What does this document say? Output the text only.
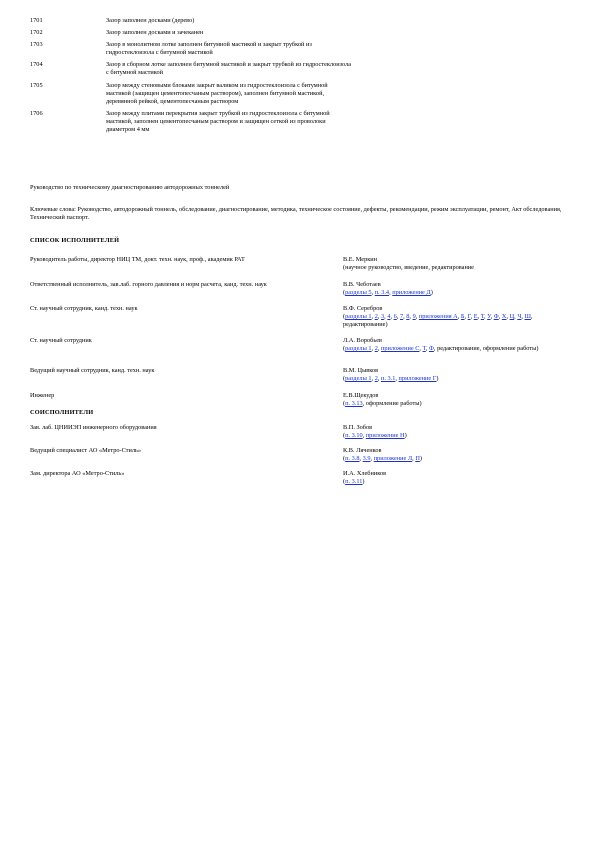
1701	Зазор заполнен досками (дерево)
1702	Зазор заполнен досками и зачеканен
1703	Зазор в монолитном лотке заполнен битумной мастикой и закрыт трубкой из гидростеклоизола с битумной мастикой
1704	Зазор в сборном лотке заполнен битумной мастикой и закрыт трубкой из гидростеклоизола с битумной мастикой
1705	Зазор между стеновыми блоками закрыт валиком из гидростеклоизола с битумной мастикой (защищен цементопесчаным раствором), заполнен битумной мастикой, деревянной рейкой, цементопесчаным раствором
1706	Зазор между плитами перекрытия закрыт трубкой из гидростеклоизола с битумной мастикой, заполнен цементопесчаным раствором и защищен сеткой из проволоки диаметром 4 мм
Руководство по техническому диагностированию автодорожных тоннелей
Ключевые слова: Руководство, автодорожный тоннель, обследование, диагностирование, методика, техническое состояние, дефекты, рекомендации, режим эксплуатации, ремонт, Акт обследования, Технический паспорт.
СПИСОК ИСПОЛНИТЕЛЕЙ
Руководитель работы, директор НИЦ ТМ, докт. техн. наук, проф., академик РАТ	В.Е. Меркин
(научное руководство, введение, редактирование
Ответственный исполнитель, зав.лаб. горного давления и норм расчета, канд. техн. наук	В.В. Чеботаев
(разделы 5, п. 3.4, приложение Д)
Ст. научный сотрудник, канд. техн. наук	В.Ф. Серебров
(разделы 1, 2, 3, 4, 6, 7, 8, 9, приложения А, Б, Г, Е, Т, У, Ф, Х, Ц, Ч, Ш, редактирование)
Ст. научный сотрудник	Л.А. Воробьев
(разделы 1, 2, приложение С, Т, Ф, редактирование, оформление работы)
Ведущий научный сотрудник, канд. техн. наук	В.М. Цывков
(разделы 1, 2, п. 3.1, приложение Г)
Инженер	Е.В.Щекудов
(п. 3.13, оформление работы)
СОИСПОЛНИТЕЛИ
Зав. лаб. ЦНИИЭП инженерного оборудования	В.П. Зобов
(п. 3.10, приложение Н)
Ведущий специалист АО «Метро-Стиль»	К.В. Ляченков
(п. 3.8, 3.9, приложение Л, П)
Зам. директора АО «Метро-Стиль»	И.А. Хлебников
(п. 3.11)
